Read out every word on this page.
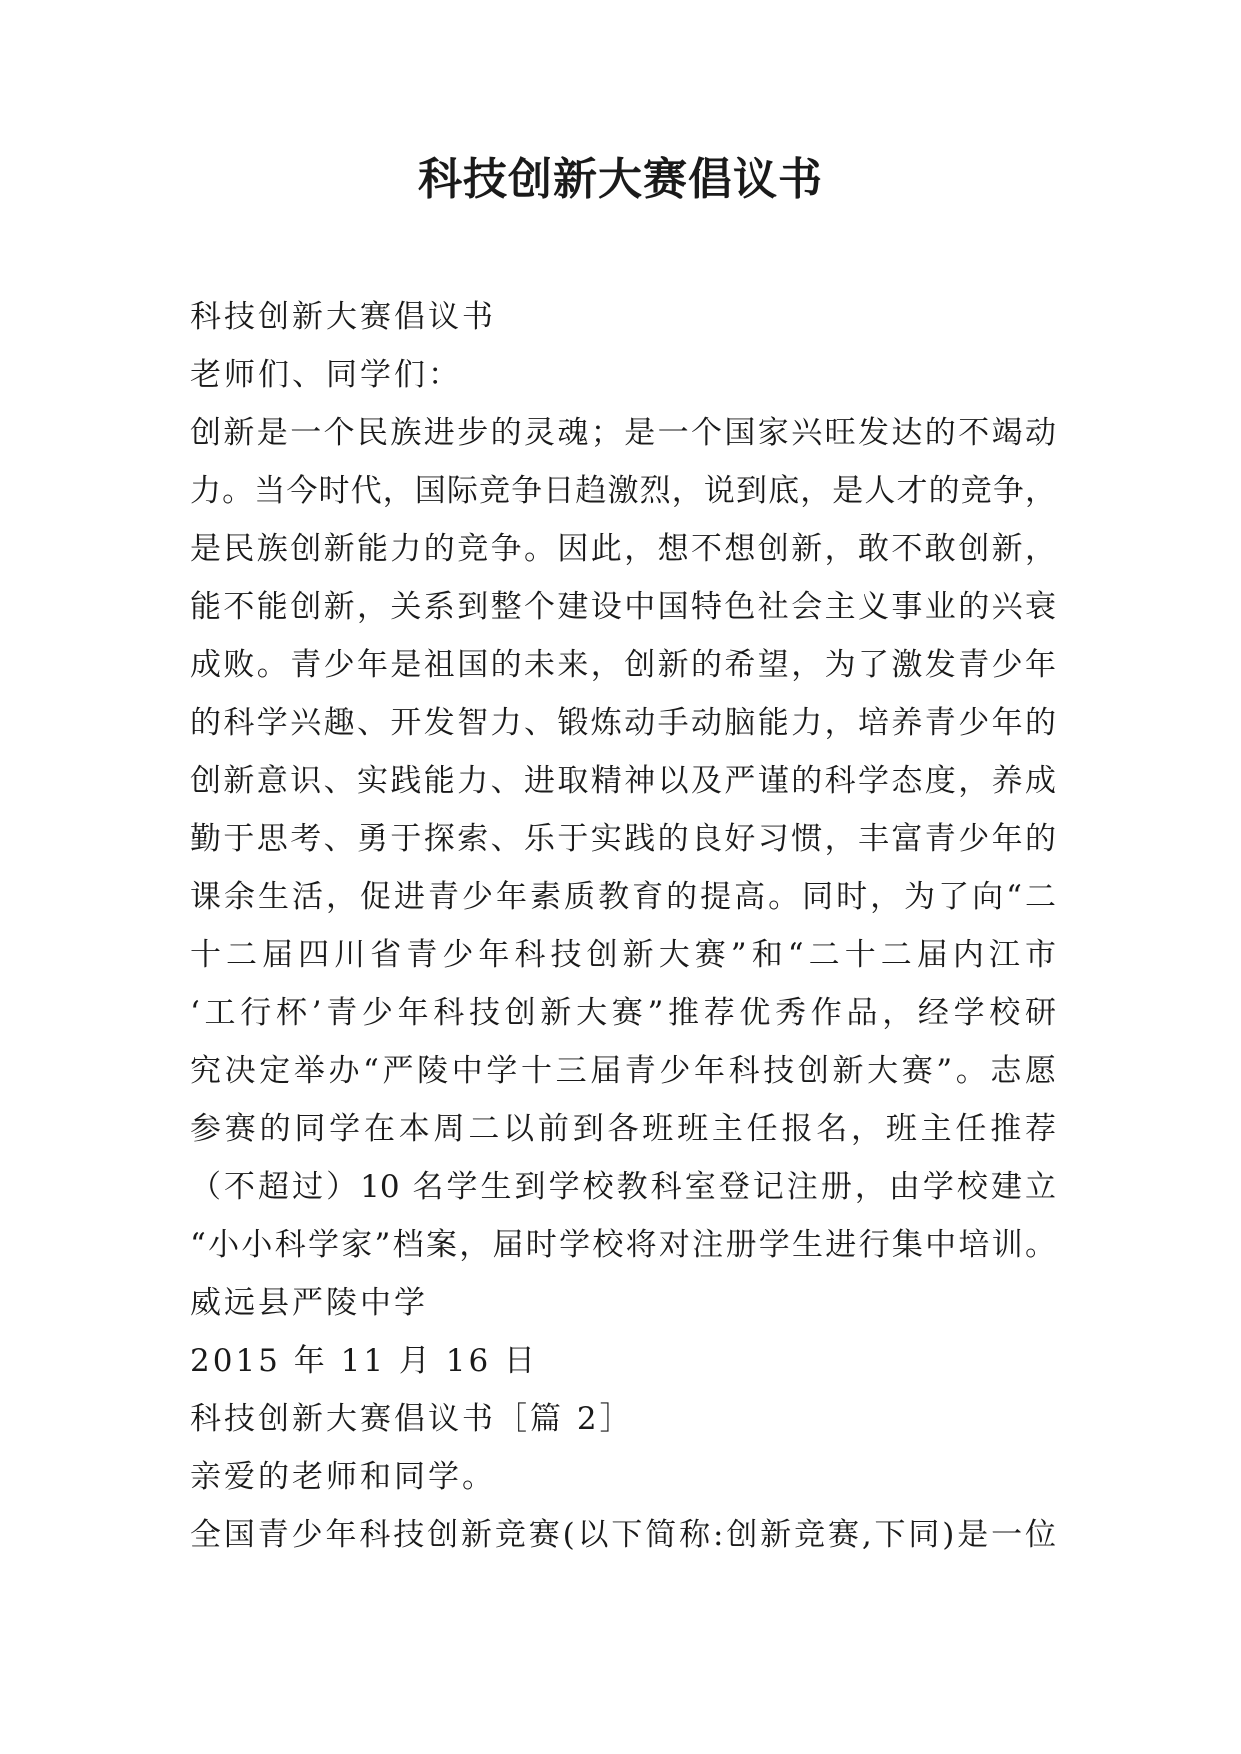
科技创新大赛倡议书

科技创新大赛倡议书

老师们、同学们：

创新是一个民族进步的灵魂；是一个国家兴旺发达的不竭动

力。当今时代，国际竞争日趋激烈，说到底，是人才的竞争，

是民族创新能力的竞争。因此，想不想创新，敢不敢创新，

能不能创新，关系到整个建设中国特色社会主义事业的兴衰

成败。青少年是祖国的未来，创新的希望，为了激发青少年

的科学兴趣、开发智力、锻炼动手动脑能力，培养青少年的

创新意识、实践能力、进取精神以及严谨的科学态度，养成

勤于思考、勇于探索、乐于实践的良好习惯，丰富青少年的

课余生活，促进青少年素质教育的提高。同时，为了向“二

十二届四川省青少年科技创新大赛”和“二十二届内江市

‘工行杯’青少年科技创新大赛”推荐优秀作品，经学校研

究决定举办“严陵中学十三届青少年科技创新大赛”。志愿

参赛的同学在本周二以前到各班班主任报名，班主任推荐

（不超过）10 名学生到学校教科室登记注册，由学校建立

“小小科学家”档案，届时学校将对注册学生进行集中培训。

威远县严陵中学

2015 年 11 月 16 日

科技创新大赛倡议书［篇 2］

亲爱的老师和同学。

全国青少年科技创新竞赛(以下简称:创新竞赛,下同)是一位
